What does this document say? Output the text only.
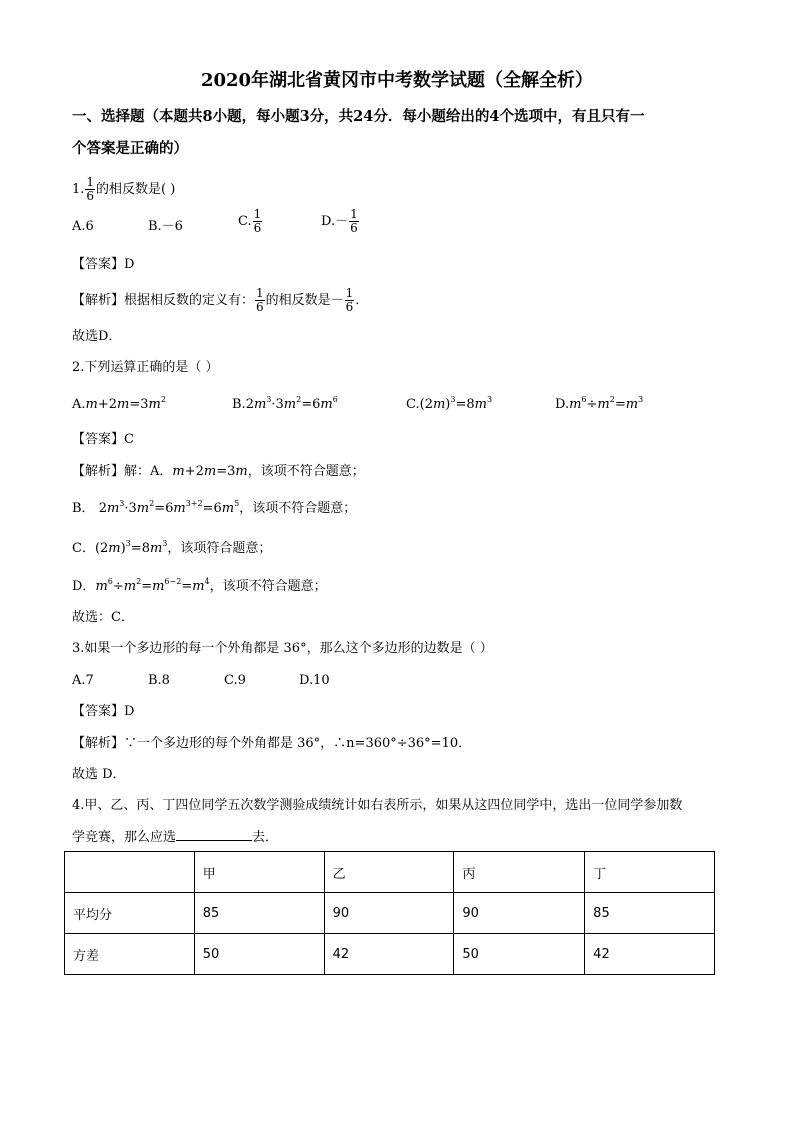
2020年湖北省黄冈市中考数学试题（全解全析）
一、选择题（本题共8小题，每小题3分，共24分．每小题给出的4个选项中，有且只有一
个答案是正确的）
1. $\frac{1}{6}$ 的相反数是( )
A.6	B.－6	C. $\frac{1}{6}$	$D.- \frac{1}{6}$
【答案】D
【解析】根据相反数的定义有： $\frac{1}{6}$ 的相反数是－ $\frac{1}{6}$ ．
故选D．
2.下列运算正确的是（ ）
$A.m+2m=3m^2$	$B.2m^3\cdot 3m^2=6m^6$	$C.(2m)^3=8m^3$	$D.m^6\div m^2=m^3$
【答案】C
【解析】解：A．m+2m=3m，该项不符合题意；
B． $2m^3\cdot 3m^2=6m^{3+2}=6m^5$，该项不符合题意；
C．$(2m)^3=8m^3$，该项符合题意；
D．$m^6\div m^2=m^{6-2}=m^4$，该项不符合题意；
故选：C．
3.如果一个多边形的每一个外角都是 36°，那么这个多边形的边数是（ ）
A.7	B.8	C.9	D.10
【答案】D
【解析】∵一个多边形的每个外角都是 36°，∴n=360°÷36°=10．
故选 D．
4.甲、乙、丙、丁四位同学五次数学测验成绩统计如右表所示，如果从这四位同学中，选出一位同学参加数
学竞赛，那么应选	去．
	甲	乙	丙	丁
平均分	85	90	90	85
方差	50	42	50	42
